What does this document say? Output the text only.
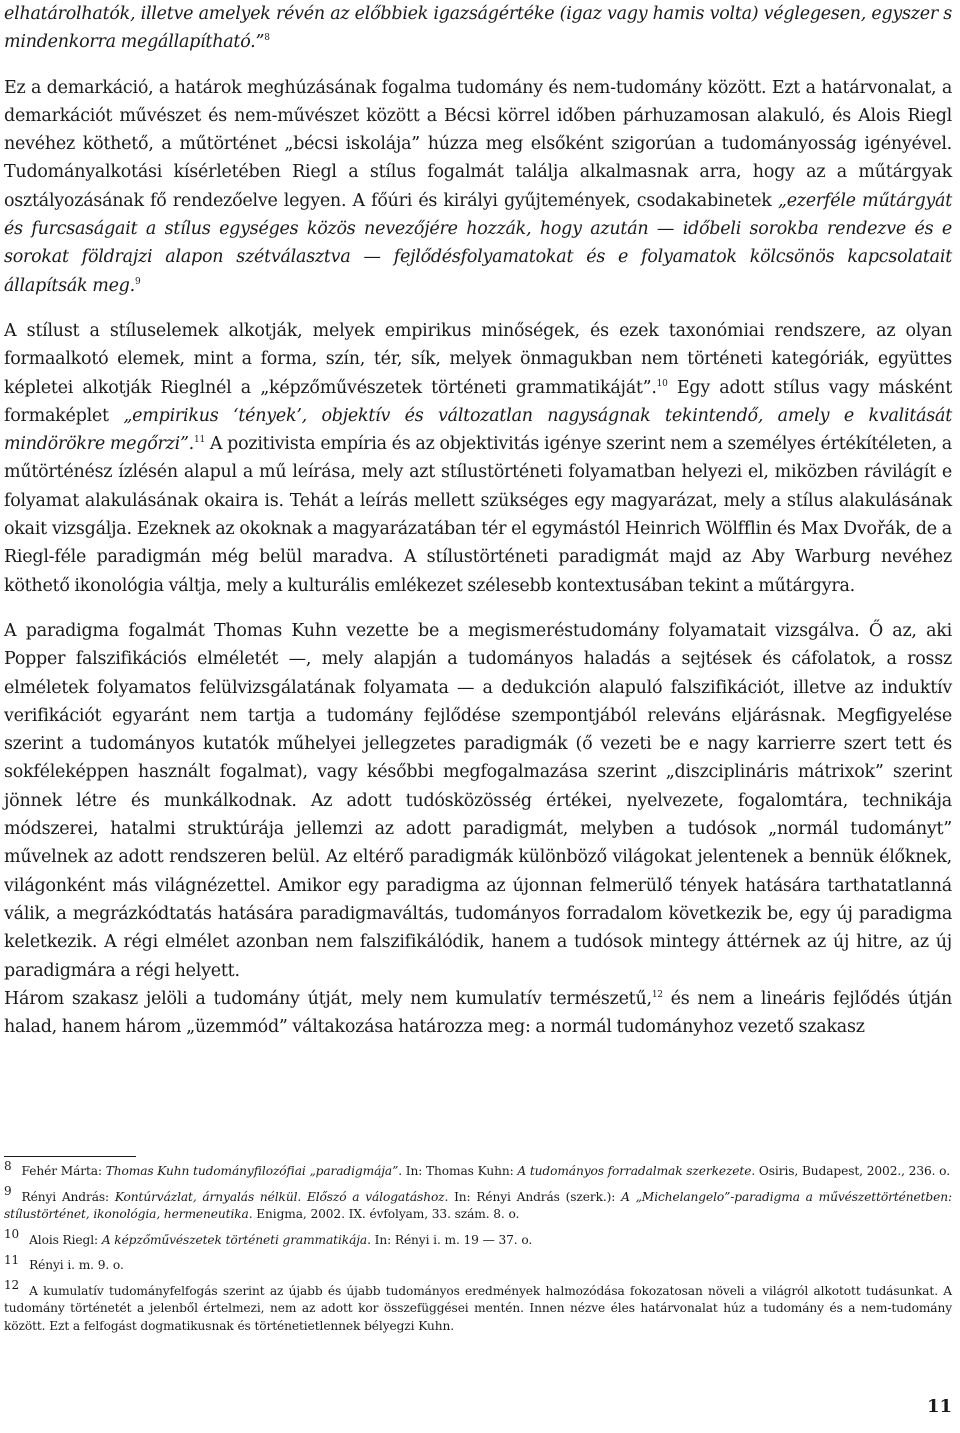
elhatárolhatók, illetve amelyek révén az előbbiek igazságértéke (igaz vagy hamis volta) véglegesen, egyszer s mindenkorra megállapítható.”$^8$

Ez a demarkáció, a határok meghúzásának fogalma tudomány és nem-tudomány között. Ezt a határvonalat, a demarkációt művészet és nem-művészet között a Bécsi körrel időben párhuzamosan alakuló, és Alois Riegl nevéhez köthető, a műtörténet „bécsi iskolája” húzza meg elsőként szigorúan a tudományosság igényével. Tudományalkotási kísérletében Riegl a stílus fogalmát találja alkalmasnak arra, hogy az a műtárgyak osztályozásának fő rendezőelve legyen. A főúri és királyi gyűjtemények, csodakabinetek „ezerféle műtárgyát és furcsaságait a stílus egységes közös nevezőjére hozzák, hogy azután — időbeli sorokba rendezve és e sorokat földrajzi alapon szétválasztva — fejlődésfolyamatokat és e folyamatok kölcsönös kapcsolatait állapítsák meg.$^9$

A stílust a stíluselemek alkotják, melyek empirikus minőségek, és ezek taxonómiai rendszere, az olyan formaalkotó elemek, mint a forma, szín, tér, sík, melyek önmagukban nem történeti kategóriák, együttes képletei alkotják Rieglnél a „képzőművészetek történeti grammatikáját”.$^{10}$ Egy adott stílus vagy másként formaképlet „empirikus ‘tények’, objektív és változatlan nagyságnak tekintendő, amely e kvalitását mindörökre megőrzi”.$^{11}$ A pozitivista empíria és az objektivitás igénye szerint nem a személyes értékítéleten, a műtörténész ízlésén alapul a mű leírása, mely azt stílustörténeti folyamatban helyezi el, miközben rávilágít e folyamat alakulásának okaira is. Tehát a leírás mellett szükséges egy magyarázat, mely a stílus alakulásának okait vizsgálja. Ezeknek az okoknak a magyarázatában tér el egymástól Heinrich Wölfflin és Max Dvořák, de a Riegl-féle paradigmán még belül maradva. A stílustörténeti paradigmát majd az Aby Warburg nevéhez köthető ikonológia váltja, mely a kulturális emlékezet szélesebb kontextusában tekint a műtárgyra.

A paradigma fogalmát Thomas Kuhn vezette be a megismeréstudomány folyamatait vizsgálva. Ő az, aki Popper falszifikációs elméletét —, mely alapján a tudományos haladás a sejtések és cáfolatok, a rossz elméletek folyamatos felülvizsgálatának folyamata — a dedukción alapuló falszifikációt, illetve az induktív verifikációt egyaránt nem tartja a tudomány fejlődése szempontjából releváns eljárásnak. Megfigyelése szerint a tudományos kutatók műhelyei jellegzetes paradigmák (ő vezeti be e nagy karrierre szert tett és sokféleképpen használt fogalmat), vagy későbbi megfogalmazása szerint „diszciplináris mátrixok” szerint jönnek létre és munkálkodnak. Az adott tudósközösség értékei, nyelvezete, fogalomtára, technikája módszerei, hatalmi struktúrája jellemzi az adott paradigmát, melyben a tudósok „normál tudományt” művelnek az adott rendszeren belül. Az eltérő paradigmák különböző világokat jelentenek a bennük élőknek, világonként más világnézettel. Amikor egy paradigma az újonnan felmerülő tények hatására tarthatatlanná válik, a megrázkódtatás hatására paradigmaváltás, tudományos forradalom következik be, egy új paradigma keletkezik. A régi elmélet azonban nem falszifikálódik, hanem a tudósok mintegy áttérnek az új hitre, az új paradigmára a régi helyett.

Három szakasz jelöli a tudomány útját, mely nem kumulatív természetű,$^{12}$ és nem a lineáris fejlődés útján halad, hanem három „üzemmód” váltakozása határozza meg: a normál tudományhoz vezető szakasz

8 Fehér Márta: Thomas Kuhn tudományfilozófiai „paradigmája”. In: Thomas Kuhn: A tudományos forradalmak szerkezete. Osiris, Budapest, 2002., 236. o.

9 Rényi András: Kontúrvázlat, árnyalás nélkül. Előszó a válogatáshoz. In: Rényi András (szerk.): A „Michelangelo”-paradigma a művészettörténetben: stílustörténet, ikonológia, hermeneutika. Enigma, 2002. IX. évfolyam, 33. szám. 8. o.

10 Alois Riegl: A képzőművészetek történeti grammatikája. In: Rényi i. m. 19 — 37. o.

11 Rényi i. m. 9. o.

12 A kumulatív tudományfelfogás szerint az újabb és újabb tudományos eredmények halmozódása fokozatosan növeli a világról alkotott tudásunkat. A tudomány történetét a jelenből értelmezi, nem az adott kor összefüggései mentén. Innen nézve éles határvonalat húz a tudomány és a nem-tudomány között. Ezt a felfogást dogmatikusnak és történetietlennek bélyegzi Kuhn.

11
